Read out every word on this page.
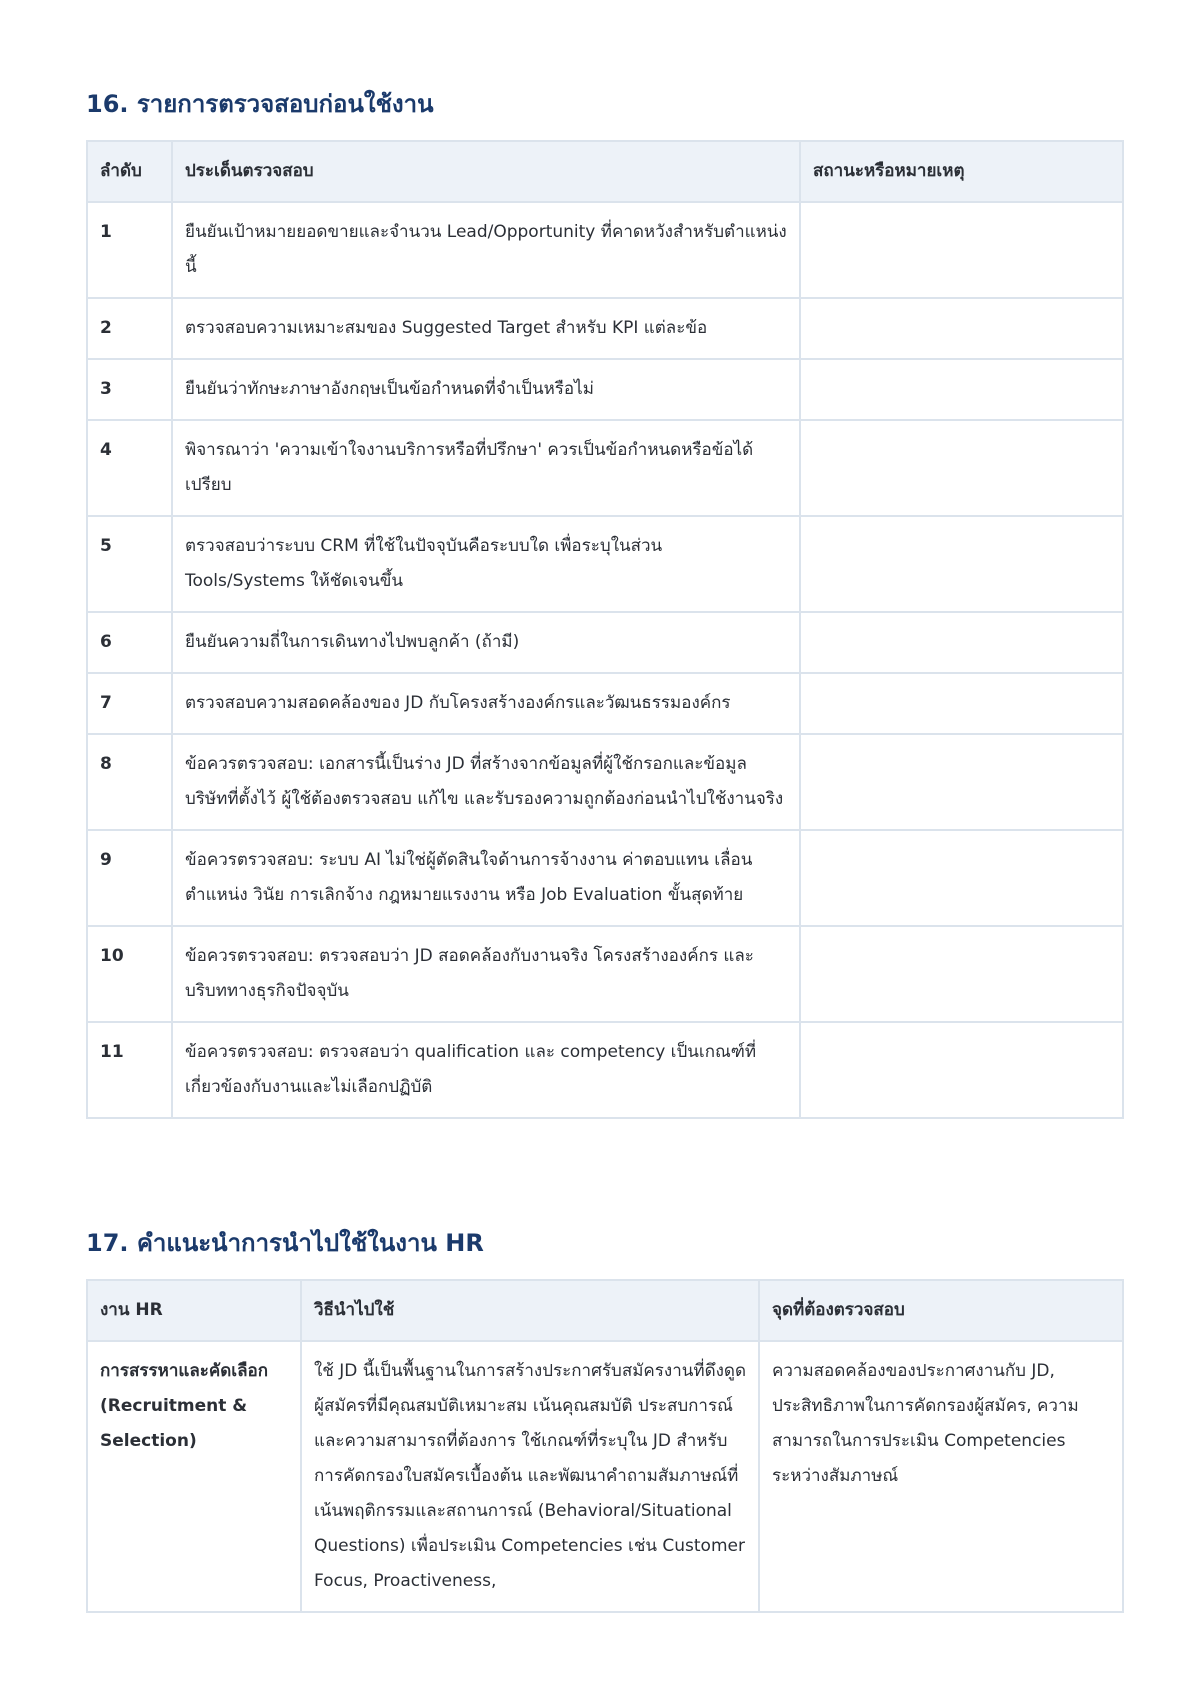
16. รายการตรวจสอบก่อนใช้งาน
ลำดับ	ประเด็นตรวจสอบ	สถานะหรือหมายเหตุ
1	ยืนยันเป้าหมายยอดขายและจำนวน Lead/Opportunity ที่คาดหวังสำหรับตำแหน่งนี้	
2	ตรวจสอบความเหมาะสมของ Suggested Target สำหรับ KPI แต่ละข้อ	
3	ยืนยันว่าทักษะภาษาอังกฤษเป็นข้อกำหนดที่จำเป็นหรือไม่	
4	พิจารณาว่า 'ความเข้าใจงานบริการหรือที่ปรึกษา' ควรเป็นข้อกำหนดหรือข้อได้เปรียบ	
5	ตรวจสอบว่าระบบ CRM ที่ใช้ในปัจจุบันคือระบบใด เพื่อระบุในส่วน Tools/Systems ให้ชัดเจนขึ้น	
6	ยืนยันความถี่ในการเดินทางไปพบลูกค้า (ถ้ามี)	
7	ตรวจสอบความสอดคล้องของ JD กับโครงสร้างองค์กรและวัฒนธรรมองค์กร	
8	ข้อควรตรวจสอบ: เอกสารนี้เป็นร่าง JD ที่สร้างจากข้อมูลที่ผู้ใช้กรอกและข้อมูลบริษัทที่ตั้งไว้ ผู้ใช้ต้องตรวจสอบ แก้ไข และรับรองความถูกต้องก่อนนำไปใช้งานจริง	
9	ข้อควรตรวจสอบ: ระบบ AI ไม่ใช่ผู้ตัดสินใจด้านการจ้างงาน ค่าตอบแทน เลื่อนตำแหน่ง วินัย การเลิกจ้าง กฎหมายแรงงาน หรือ Job Evaluation ขั้นสุดท้าย	
10	ข้อควรตรวจสอบ: ตรวจสอบว่า JD สอดคล้องกับงานจริง โครงสร้างองค์กร และบริบททางธุรกิจปัจจุบัน	
11	ข้อควรตรวจสอบ: ตรวจสอบว่า qualification และ competency เป็นเกณฑ์ที่เกี่ยวข้องกับงานและไม่เลือกปฏิบัติ	
17. คำแนะนำการนำไปใช้ในงาน HR
งาน HR	วิธีนำไปใช้	จุดที่ต้องตรวจสอบ
การสรรหาและคัดเลือก (Recruitment & Selection)	ใช้ JD นี้เป็นพื้นฐานในการสร้างประกาศรับสมัครงานที่ดึงดูดผู้สมัครที่มีคุณสมบัติเหมาะสม เน้นคุณสมบัติ ประสบการณ์ และความสามารถที่ต้องการ ใช้เกณฑ์ที่ระบุใน JD สำหรับการคัดกรองใบสมัครเบื้องต้น และพัฒนาคำถามสัมภาษณ์ที่เน้นพฤติกรรมและสถานการณ์ (Behavioral/Situational Questions) เพื่อประเมิน Competencies เช่น Customer Focus, Proactiveness,	ความสอดคล้องของประกาศงานกับ JD, ประสิทธิภาพในการคัดกรองผู้สมัคร, ความสามารถในการประเมิน Competencies ระหว่างสัมภาษณ์
